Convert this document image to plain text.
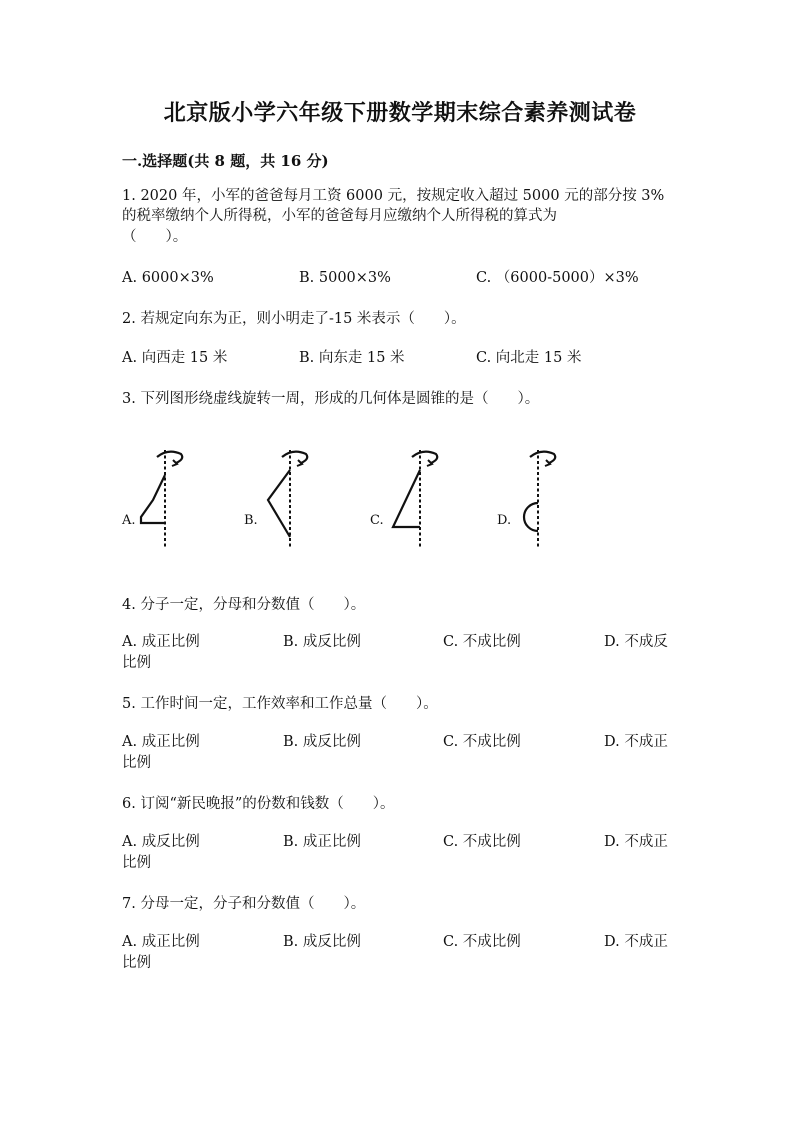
北京版小学六年级下册数学期末综合素养测试卷
一.选择题(共 8 题，共 16 分)
1. 2020 年，小军的爸爸每月工资 6000 元，按规定收入超过 5000 元的部分按 3%
的税率缴纳个人所得税，小军的爸爸每月应缴纳个人所得税的算式为
（　　）。
A. 6000×3%	B. 5000×3%	C. （6000-5000）×3%
2. 若规定向东为正，则小明走了-15 米表示（　　）。
A. 向西走 15 米	B. 向东走 15 米	C. 向北走 15 米
3. 下列图形绕虚线旋转一周，形成的几何体是圆锥的是（　　）。
A.	B.	C.	D.
4. 分子一定，分母和分数值（　　）。
A. 成正比例	B. 成反比例	C. 不成比例	D. 不成反
比例
5. 工作时间一定，工作效率和工作总量（　　）。
A. 成正比例	B. 成反比例	C. 不成比例	D. 不成正
比例
6. 订阅“新民晚报”的份数和钱数（　　）。
A. 成反比例	B. 成正比例	C. 不成比例	D. 不成正
比例
7. 分母一定，分子和分数值（　　）。
A. 成正比例	B. 成反比例	C. 不成比例	D. 不成正
比例
